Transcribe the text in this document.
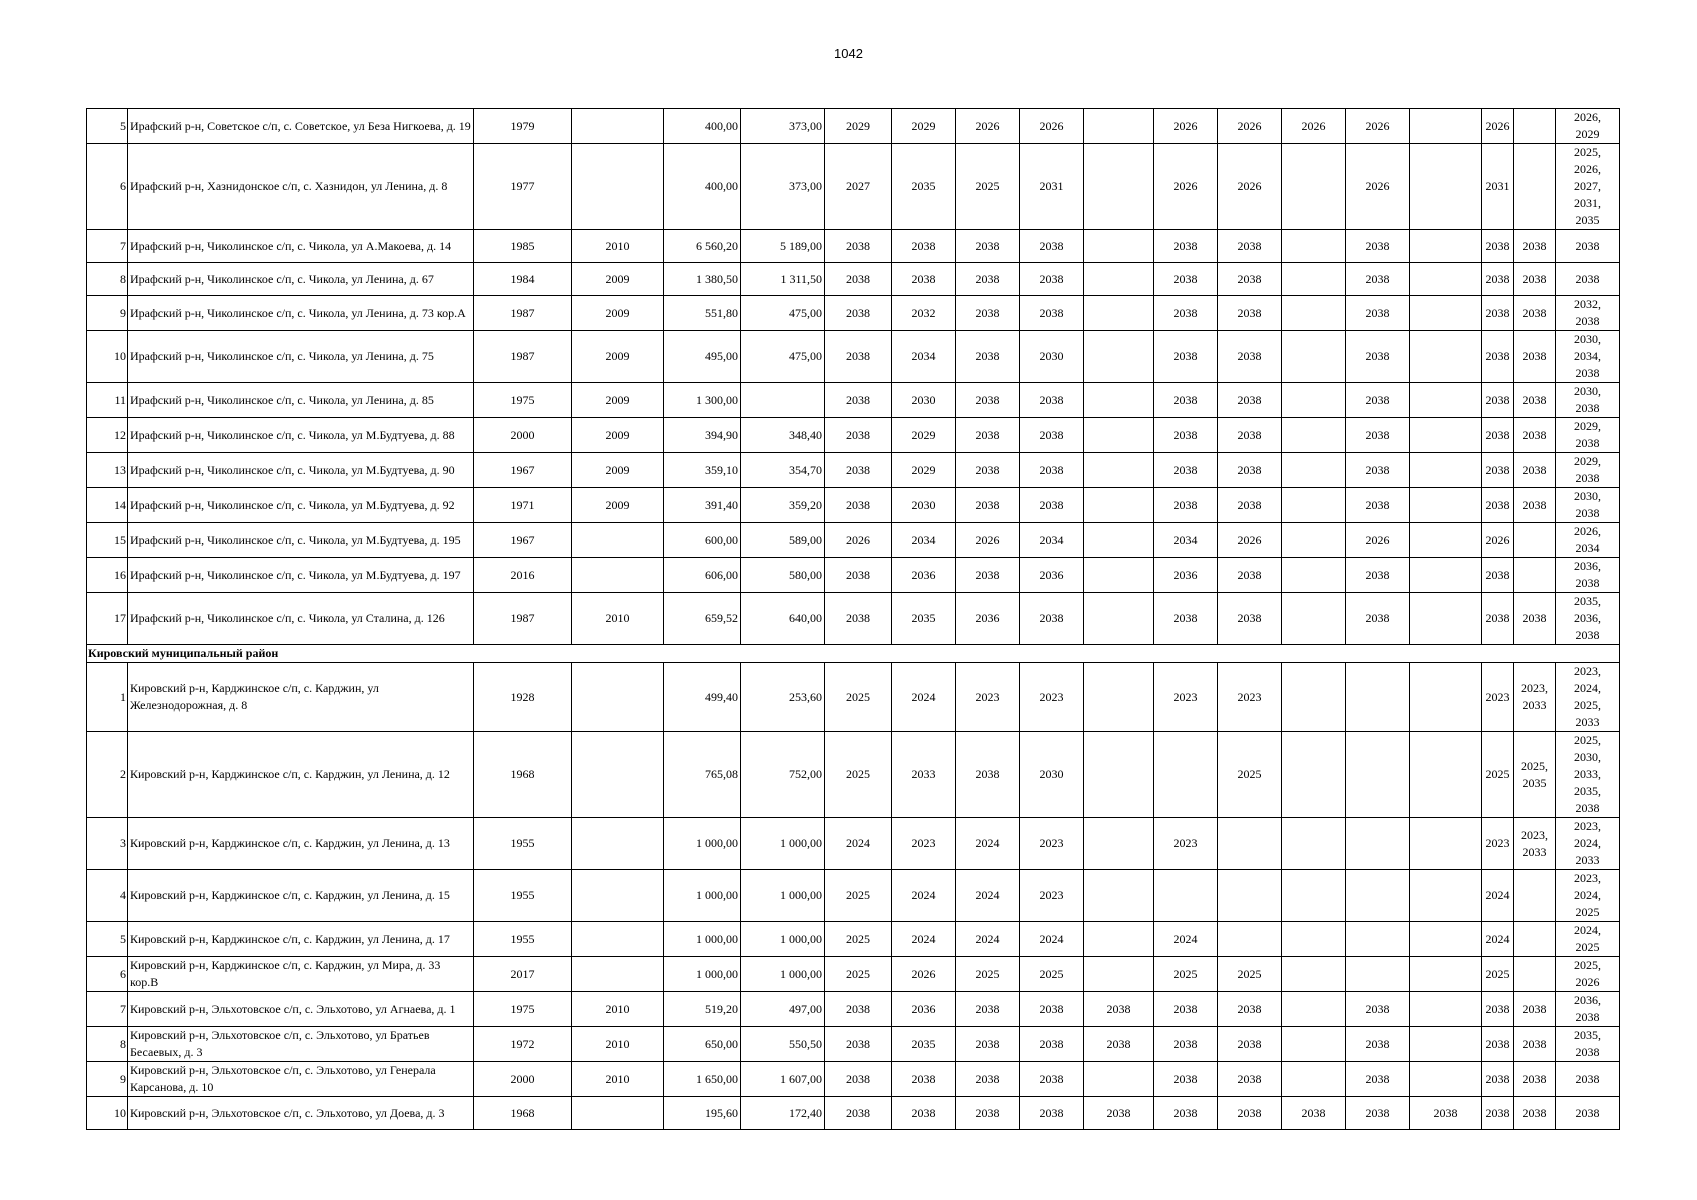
1042
5	Ирафский р-н, Советское с/п, с. Советское, ул Беза Нигкоева, д. 19	1979		400,00	373,00	2029	2029	2026	2026		2026	2026	2026	2026		2026		2026,
2029
6	Ирафский р-н, Хазнидонское с/п, с. Хазнидон, ул Ленина, д. 8	1977		400,00	373,00	2027	2035	2025	2031		2026	2026		2026		2031		2025,
2026,
2027,
2031,
2035
7	Ирафский р-н, Чиколинское с/п, с. Чикола, ул А.Макоева, д. 14	1985	2010	6 560,20	5 189,00	2038	2038	2038	2038		2038	2038		2038		2038	2038	2038
8	Ирафский р-н, Чиколинское с/п, с. Чикола, ул Ленина, д. 67	1984	2009	1 380,50	1 311,50	2038	2038	2038	2038		2038	2038		2038		2038	2038	2038
9	Ирафский р-н, Чиколинское с/п, с. Чикола, ул Ленина, д. 73 кор.А	1987	2009	551,80	475,00	2038	2032	2038	2038		2038	2038		2038		2038	2038	2032,
2038
10	Ирафский р-н, Чиколинское с/п, с. Чикола, ул Ленина, д. 75	1987	2009	495,00	475,00	2038	2034	2038	2030		2038	2038		2038		2038	2038	2030,
2034,
2038
11	Ирафский р-н, Чиколинское с/п, с. Чикола, ул Ленина, д. 85	1975	2009	1 300,00		2038	2030	2038	2038		2038	2038		2038		2038	2038	2030,
2038
12	Ирафский р-н, Чиколинское с/п, с. Чикола, ул М.Будтуева, д. 88	2000	2009	394,90	348,40	2038	2029	2038	2038		2038	2038		2038		2038	2038	2029,
2038
13	Ирафский р-н, Чиколинское с/п, с. Чикола, ул М.Будтуева, д. 90	1967	2009	359,10	354,70	2038	2029	2038	2038		2038	2038		2038		2038	2038	2029,
2038
14	Ирафский р-н, Чиколинское с/п, с. Чикола, ул М.Будтуева, д. 92	1971	2009	391,40	359,20	2038	2030	2038	2038		2038	2038		2038		2038	2038	2030,
2038
15	Ирафский р-н, Чиколинское с/п, с. Чикола, ул М.Будтуева, д. 195	1967		600,00	589,00	2026	2034	2026	2034		2034	2026		2026		2026		2026,
2034
16	Ирафский р-н, Чиколинское с/п, с. Чикола, ул М.Будтуева, д. 197	2016		606,00	580,00	2038	2036	2038	2036		2036	2038		2038		2038		2036,
2038
17	Ирафский р-н, Чиколинское с/п, с. Чикола, ул Сталина, д. 126	1987	2010	659,52	640,00	2038	2035	2036	2038		2038	2038		2038		2038	2038	2035,
2036,
2038
Кировский муниципальный район																		
1	Кировский р-н, Карджинское с/п, с. Карджин, ул Железнодорожная, д. 8	1928		499,40	253,60	2025	2024	2023	2023		2023	2023				2023	2023,
2033	2023,
2024,
2025,
2033
2	Кировский р-н, Карджинское с/п, с. Карджин, ул Ленина, д. 12	1968		765,08	752,00	2025	2033	2038	2030			2025				2025	2025,
2035	2025,
2030,
2033,
2035,
2038
3	Кировский р-н, Карджинское с/п, с. Карджин, ул Ленина, д. 13	1955		1 000,00	1 000,00	2024	2023	2024	2023		2023					2023	2023,
2033	2023,
2024,
2033
4	Кировский р-н, Карджинское с/п, с. Карджин, ул Ленина, д. 15	1955		1 000,00	1 000,00	2025	2024	2024	2023							2024		2023,
2024,
2025
5	Кировский р-н, Карджинское с/п, с. Карджин, ул Ленина, д. 17	1955		1 000,00	1 000,00	2025	2024	2024	2024		2024					2024		2024,
2025
6	Кировский р-н, Карджинское с/п, с. Карджин, ул Мира, д. 33 кор.В	2017		1 000,00	1 000,00	2025	2026	2025	2025		2025	2025				2025		2025,
2026
7	Кировский р-н, Эльхотовское с/п, с. Эльхотово, ул Агнаева, д. 1	1975	2010	519,20	497,00	2038	2036	2038	2038	2038	2038	2038		2038		2038	2038	2036,
2038
8	Кировский р-н, Эльхотовское с/п, с. Эльхотово, ул Братьев Бесаевых, д. 3	1972	2010	650,00	550,50	2038	2035	2038	2038	2038	2038	2038		2038		2038	2038	2035,
2038
9	Кировский р-н, Эльхотовское с/п, с. Эльхотово, ул Генерала Карсанова, д. 10	2000	2010	1 650,00	1 607,00	2038	2038	2038	2038		2038	2038		2038		2038	2038	2038
10	Кировский р-н, Эльхотовское с/п, с. Эльхотово, ул Доева, д. 3	1968		195,60	172,40	2038	2038	2038	2038	2038	2038	2038	2038	2038	2038	2038	2038	2038
